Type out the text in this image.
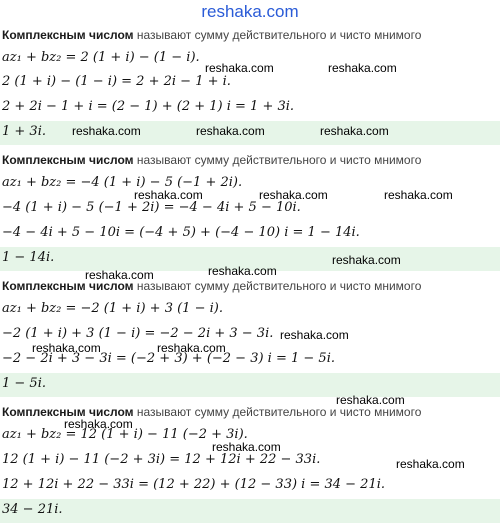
reshaka.com
Комплексным числом называют сумму действительного и чисто мнимого
az₁ + bz₂ = 2 (1 + i) − (1 − i).
2 (1 + i) − (1 − i) = 2 + 2i − 1 + i.
2 + 2i − 1 + i = (2 − 1) + (2 + 1) i = 1 + 3i.
1 + 3i.
Комплексным числом называют сумму действительного и чисто мнимого
az₁ + bz₂ = −4 (1 + i) − 5 (−1 + 2i).
−4 (1 + i) − 5 (−1 + 2i) = −4 − 4i + 5 − 10i.
−4 − 4i + 5 − 10i = (−4 + 5) + (−4 − 10) i = 1 − 14i.
1 − 14i.
Комплексным числом называют сумму действительного и чисто мнимого
az₁ + bz₂ = −2 (1 + i) + 3 (1 − i).
−2 (1 + i) + 3 (1 − i) = −2 − 2i + 3 − 3i.
−2 − 2i + 3 − 3i = (−2 + 3) + (−2 − 3) i = 1 − 5i.
1 − 5i.
Комплексным числом называют сумму действительного и чисто мнимого
az₁ + bz₂ = 12 (1 + i) − 11 (−2 + 3i).
12 (1 + i) − 11 (−2 + 3i) = 12 + 12i + 22 − 33i.
12 + 12i + 22 − 33i = (12 + 22) + (12 − 33) i = 34 − 21i.
34 − 21i.
reshaka.com	reshaka.com
reshaka.com	reshaka.com	reshaka.com
reshaka.com	reshaka.com	reshaka.com
reshaka.com
reshaka.com	reshaka.com
reshaka.com
reshaka.com	reshaka.com
reshaka.com
reshaka.com
reshaka.com
reshaka.com
